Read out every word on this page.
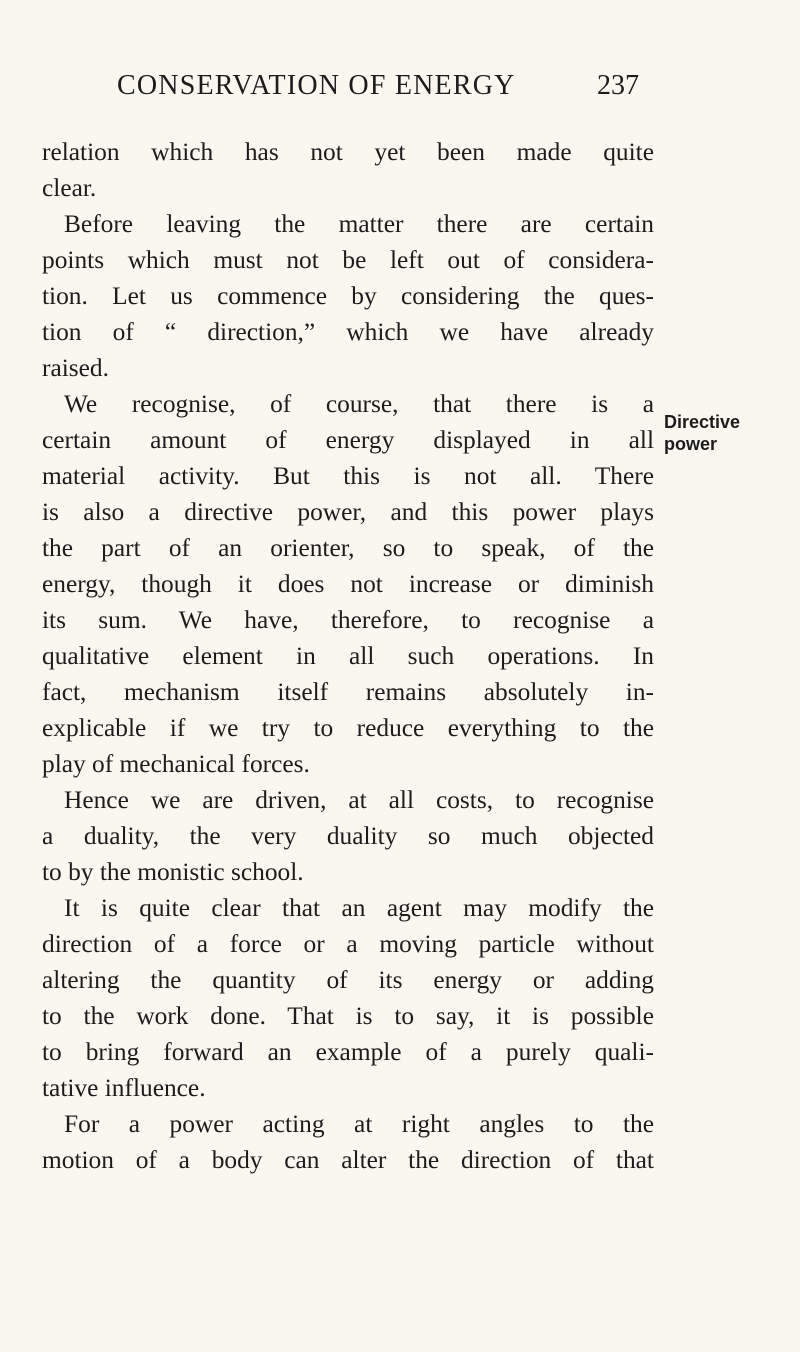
CONSERVATION OF ENERGY	237
relation which has not yet been made quite
clear.
Before leaving the matter there are certain
points which must not be left out of considera-
tion. Let us commence by considering the ques-
tion of “ direction,” which we have already
raised.
We recognise, of course, that there is a
certain amount of energy displayed in all
material activity. But this is not all. There
is also a directive power, and this power plays
the part of an orienter, so to speak, of the
energy, though it does not increase or diminish
its sum. We have, therefore, to recognise a
qualitative element in all such operations. In
fact, mechanism itself remains absolutely in-
explicable if we try to reduce everything to the
play of mechanical forces.
Hence we are driven, at all costs, to recognise
a duality, the very duality so much objected
to by the monistic school.
It is quite clear that an agent may modify the
direction of a force or a moving particle without
altering the quantity of its energy or adding
to the work done. That is to say, it is possible
to bring forward an example of a purely quali-
tative influence.
For a power acting at right angles to the
motion of a body can alter the direction of that
Directive
power
